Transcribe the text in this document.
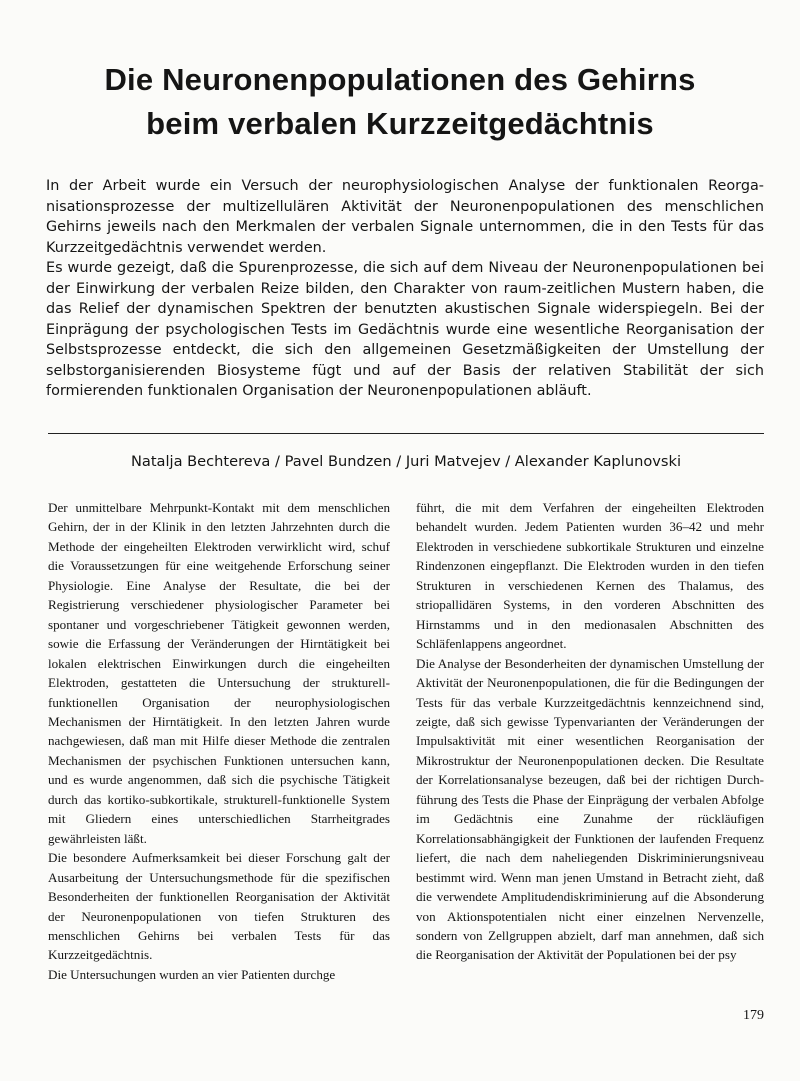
Die Neuronenpopulationen des Gehirns
beim verbalen Kurzzeitgedächtnis

In der Arbeit wurde ein Versuch der neurophysiologischen Analyse der funktionalen Reorganisationsprozesse der multizellulären Aktivität der Neuronenpopulationen des menschlichen Gehirns jeweils nach den Merkmalen der verbalen Signale unternommen, die in den Tests für das Kurzzeitgedächtnis verwendet werden.

Es wurde gezeigt, daß die Spurenprozesse, die sich auf dem Niveau der Neuronenpopulationen bei der Einwirkung der verbalen Reize bilden, den Charakter von raum-zeitlichen Mustern haben, die das Relief der dynamischen Spektren der benutzten akustischen Signale widerspiegeln. Bei der Einprägung der psychologischen Tests im Gedächtnis wurde eine wesentliche Reorganisation der Selbstsprozesse entdeckt, die sich den allgemeinen Gesetzmäßigkeiten der Umstellung der selbstorganisierenden Biosysteme fügt und auf der Basis der relativen Stabilität der sich formierenden funktionalen Organisation der Neuronenpopulationen abläuft.

Natalja Bechtereva / Pavel Bundzen / Juri Matvejev / Alexander Kaplunovski

Der unmittelbare Mehrpunkt-Kontakt mit dem menschlichen Gehirn, der in der Klinik in den letzten Jahrzehnten durch die Methode der eingeheilten Elektroden verwirklicht wird, schuf die Voraussetzungen für eine weitgehende Erforschung seiner Physiologie. Eine Analyse der Resultate, die bei der Registrierung verschiedener physiologischer Parameter bei spontaner und vorgeschriebener Tätigkeit gewonnen werden, sowie die Erfassung der Veränderungen der Hirntätigkeit bei lokalen elektrischen Einwirkungen durch die eingeheilten Elektroden, gestatteten die Untersuchung der strukturell-funktionellen Organisation der neurophysiologischen Mechanismen der Hirntätigkeit. In den letzten Jahren wurde nachgewiesen, daß man mit Hilfe dieser Methode die zentralen Mechanismen der psychischen Funktionen untersuchen kann, und es wurde angenommen, daß sich die psychische Tätigkeit durch das kortiko-subkortikale, strukturell-funktionelle System mit Gliedern eines unterschiedlichen Starrheitgrades gewährleisten läßt.

Die besondere Aufmerksamkeit bei dieser Forschung galt der Ausarbeitung der Untersuchungsmethode für die spezifischen Besonderheiten der funktionellen Reorganisation der Aktivität der Neuronenpopulationen von tiefen Strukturen des menschlichen Gehirns bei verbalen Tests für das Kurzzeitgedächtnis.

Die Untersuchungen wurden an vier Patienten durchge

führt, die mit dem Verfahren der eingeheilten Elektroden behandelt wurden. Jedem Patienten wurden 36–42 und mehr Elektroden in verschiedene subkortikale Strukturen und einzelne Rindenzonen eingepflanzt. Die Elektroden wurden in den tiefen Strukturen in verschiedenen Kernen des Thalamus, des striopallidären Systems, in den vorderen Abschnitten des Hirnstamms und in den medionasalen Abschnitten des Schläfenlappens angeordnet.

Die Analyse der Besonderheiten der dynamischen Umstellung der Aktivität der Neuronenpopulationen, die für die Bedingungen der Tests für das verbale Kurzzeitgedächtnis kennzeichnend sind, zeigte, daß sich gewisse Typenvarianten der Veränderungen der Impulsaktivität mit einer wesentlichen Reorganisation der Mikrostruktur der Neuronenpopulationen decken. Die Resultate der Korrelationsanalyse bezeugen, daß bei der richtigen Durchführung des Tests die Phase der Einprägung der verbalen Abfolge im Gedächtnis eine Zunahme der rückläufigen Korrelationsabhängigkeit der Funktionen der laufenden Frequenz liefert, die nach dem naheliegenden Diskriminierungsniveau bestimmt wird. Wenn man jenen Umstand in Betracht zieht, daß die verwendete Amplitudendiskriminierung auf die Absonderung von Aktionspotentialen nicht einer einzelnen Nervenzelle, sondern von Zellgruppen abzielt, darf man annehmen, daß sich die Reorganisation der Aktivität der Populationen bei der psy

179
